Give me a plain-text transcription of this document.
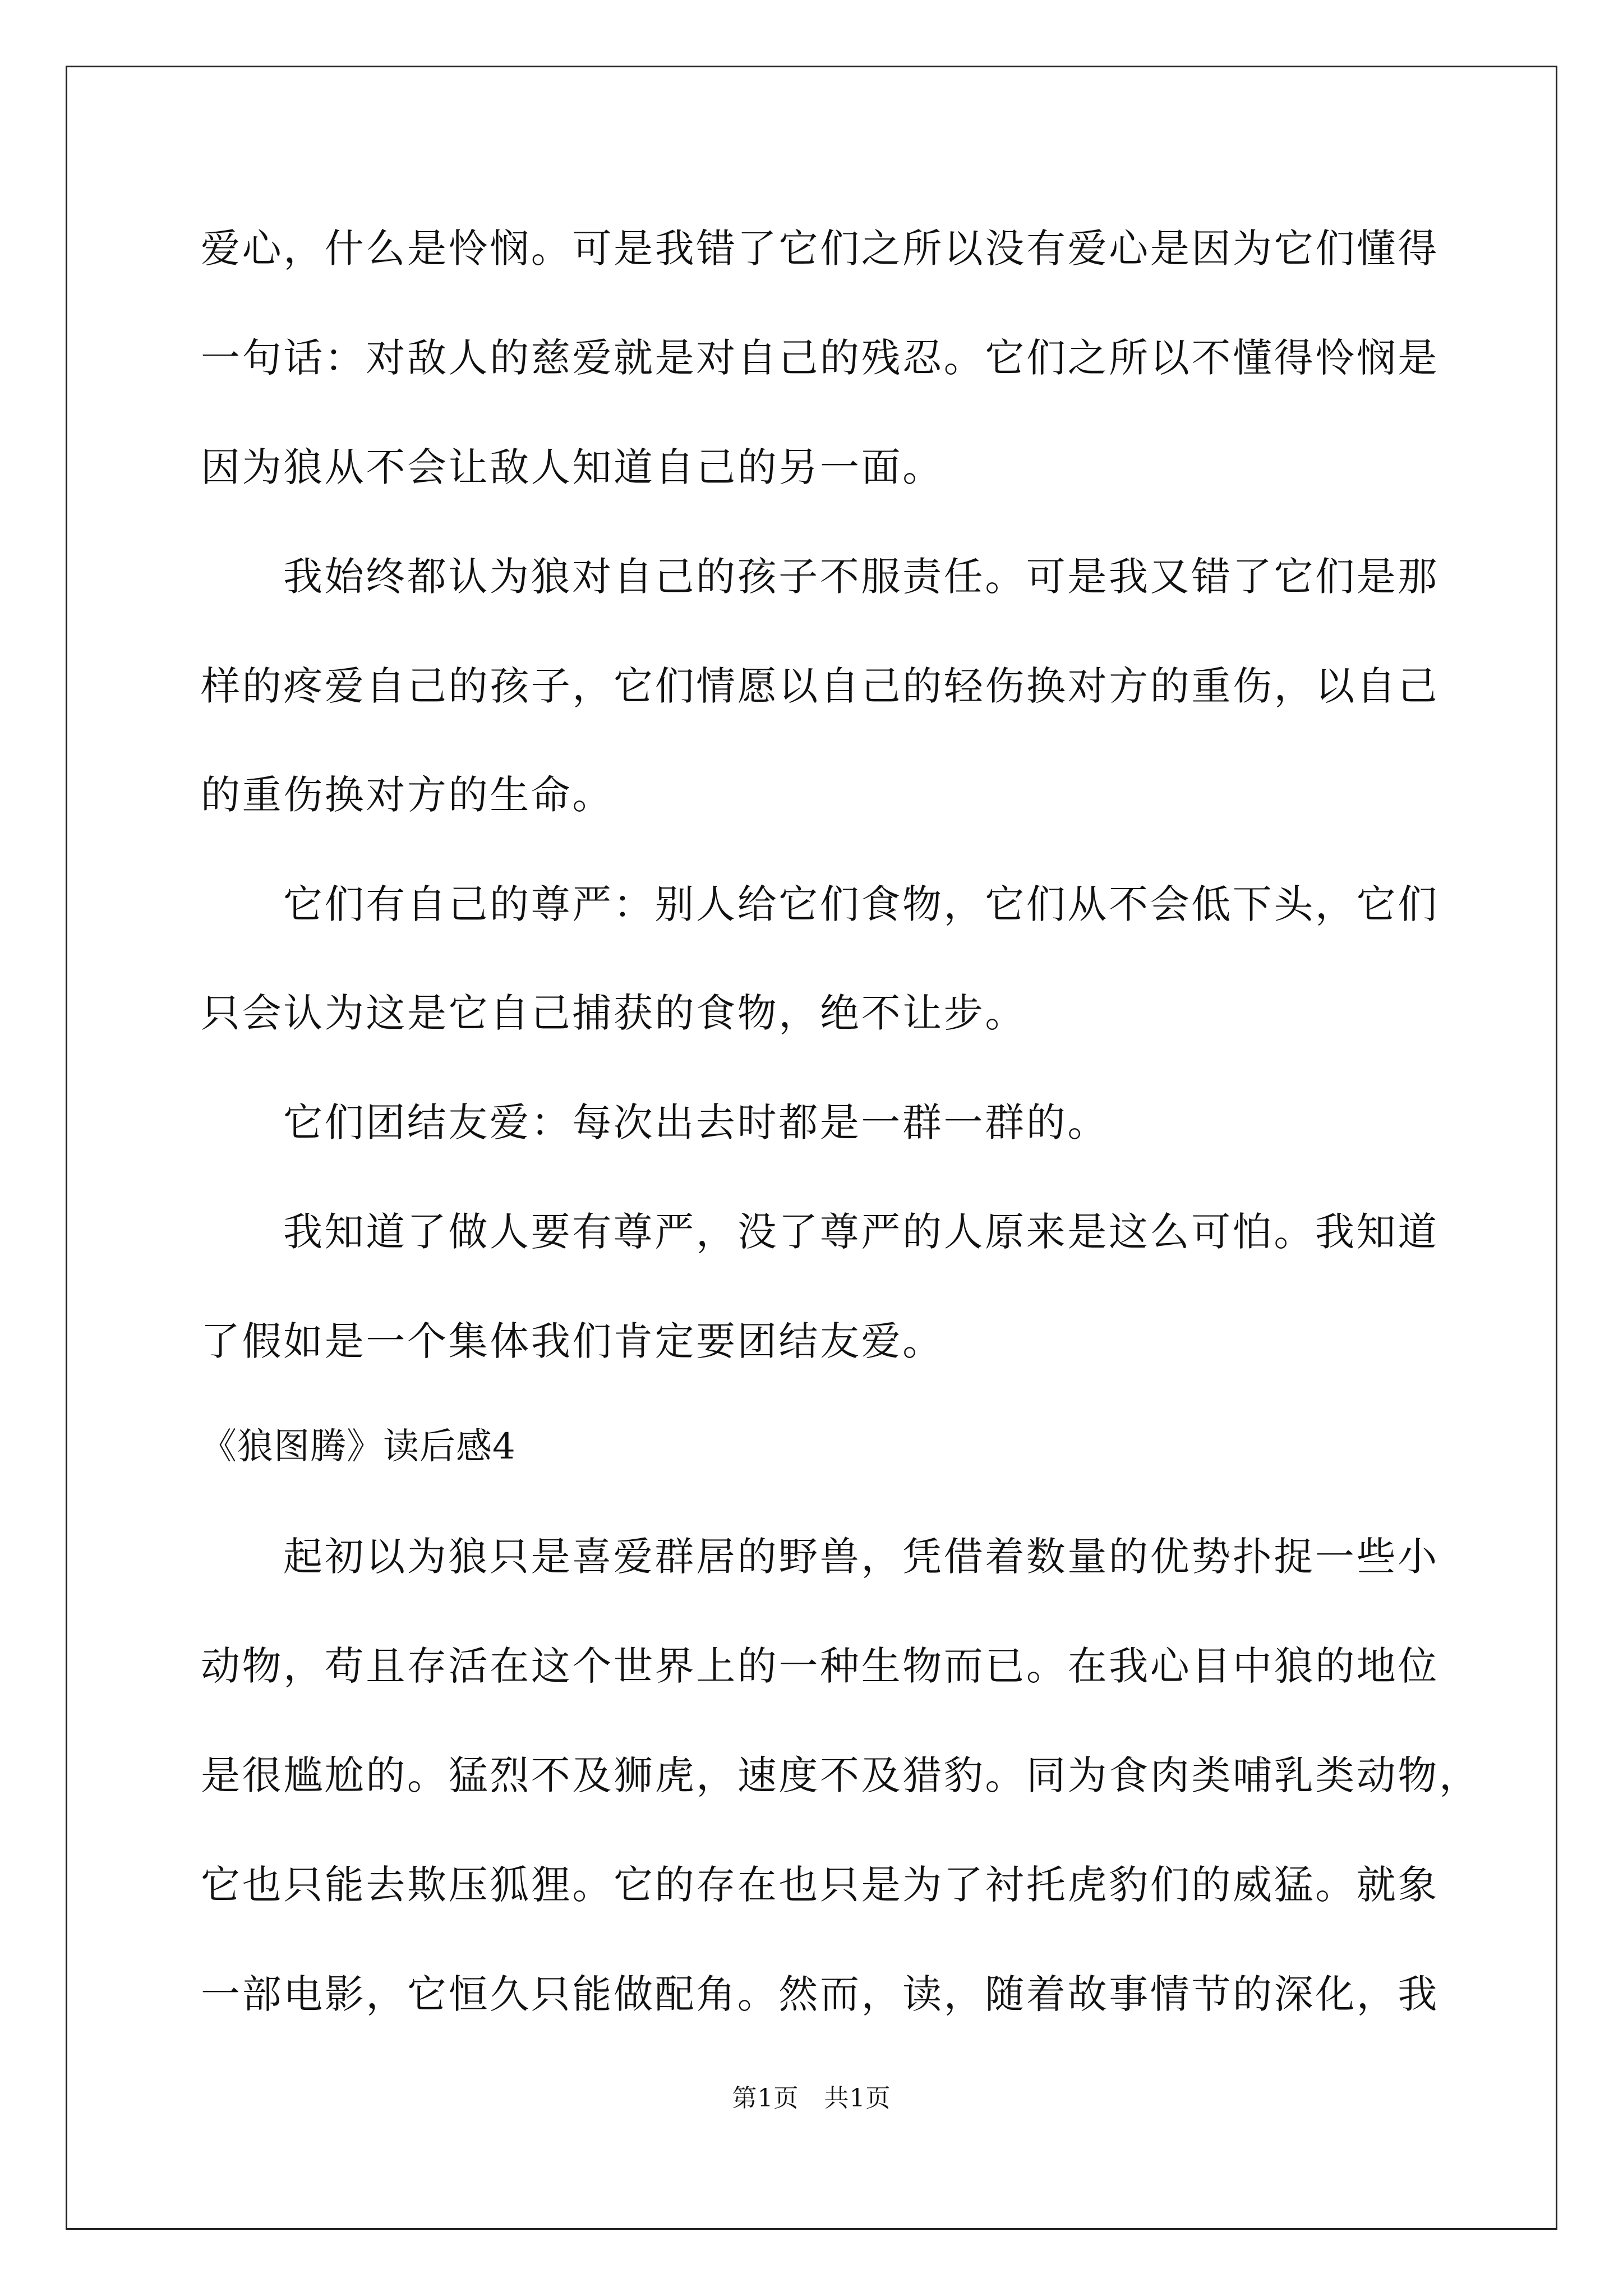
爱心，什么是怜悯。可是我错了它们之所以没有爱心是因为它们懂得
一句话：对敌人的慈爱就是对自己的残忍。它们之所以不懂得怜悯是
因为狼从不会让敌人知道自己的另一面。
我始终都认为狼对自己的孩子不服责任。可是我又错了它们是那
样的疼爱自己的孩子，它们情愿以自己的轻伤换对方的重伤，以自己
的重伤换对方的生命。
它们有自己的尊严：别人给它们食物，它们从不会低下头，它们
只会认为这是它自己捕获的食物，绝不让步。
它们团结友爱：每次出去时都是一群一群的。
我知道了做人要有尊严，没了尊严的人原来是这么可怕。我知道
了假如是一个集体我们肯定要团结友爱。
《狼图腾》读后感4
起初以为狼只是喜爱群居的野兽，凭借着数量的优势扑捉一些小
动物，苟且存活在这个世界上的一种生物而已。在我心目中狼的地位
是很尴尬的。猛烈不及狮虎，速度不及猎豹。同为食肉类哺乳类动物，
它也只能去欺压狐狸。它的存在也只是为了衬托虎豹们的威猛。就象
一部电影，它恒久只能做配角。然而，读，随着故事情节的深化，我
第1页　共1页
